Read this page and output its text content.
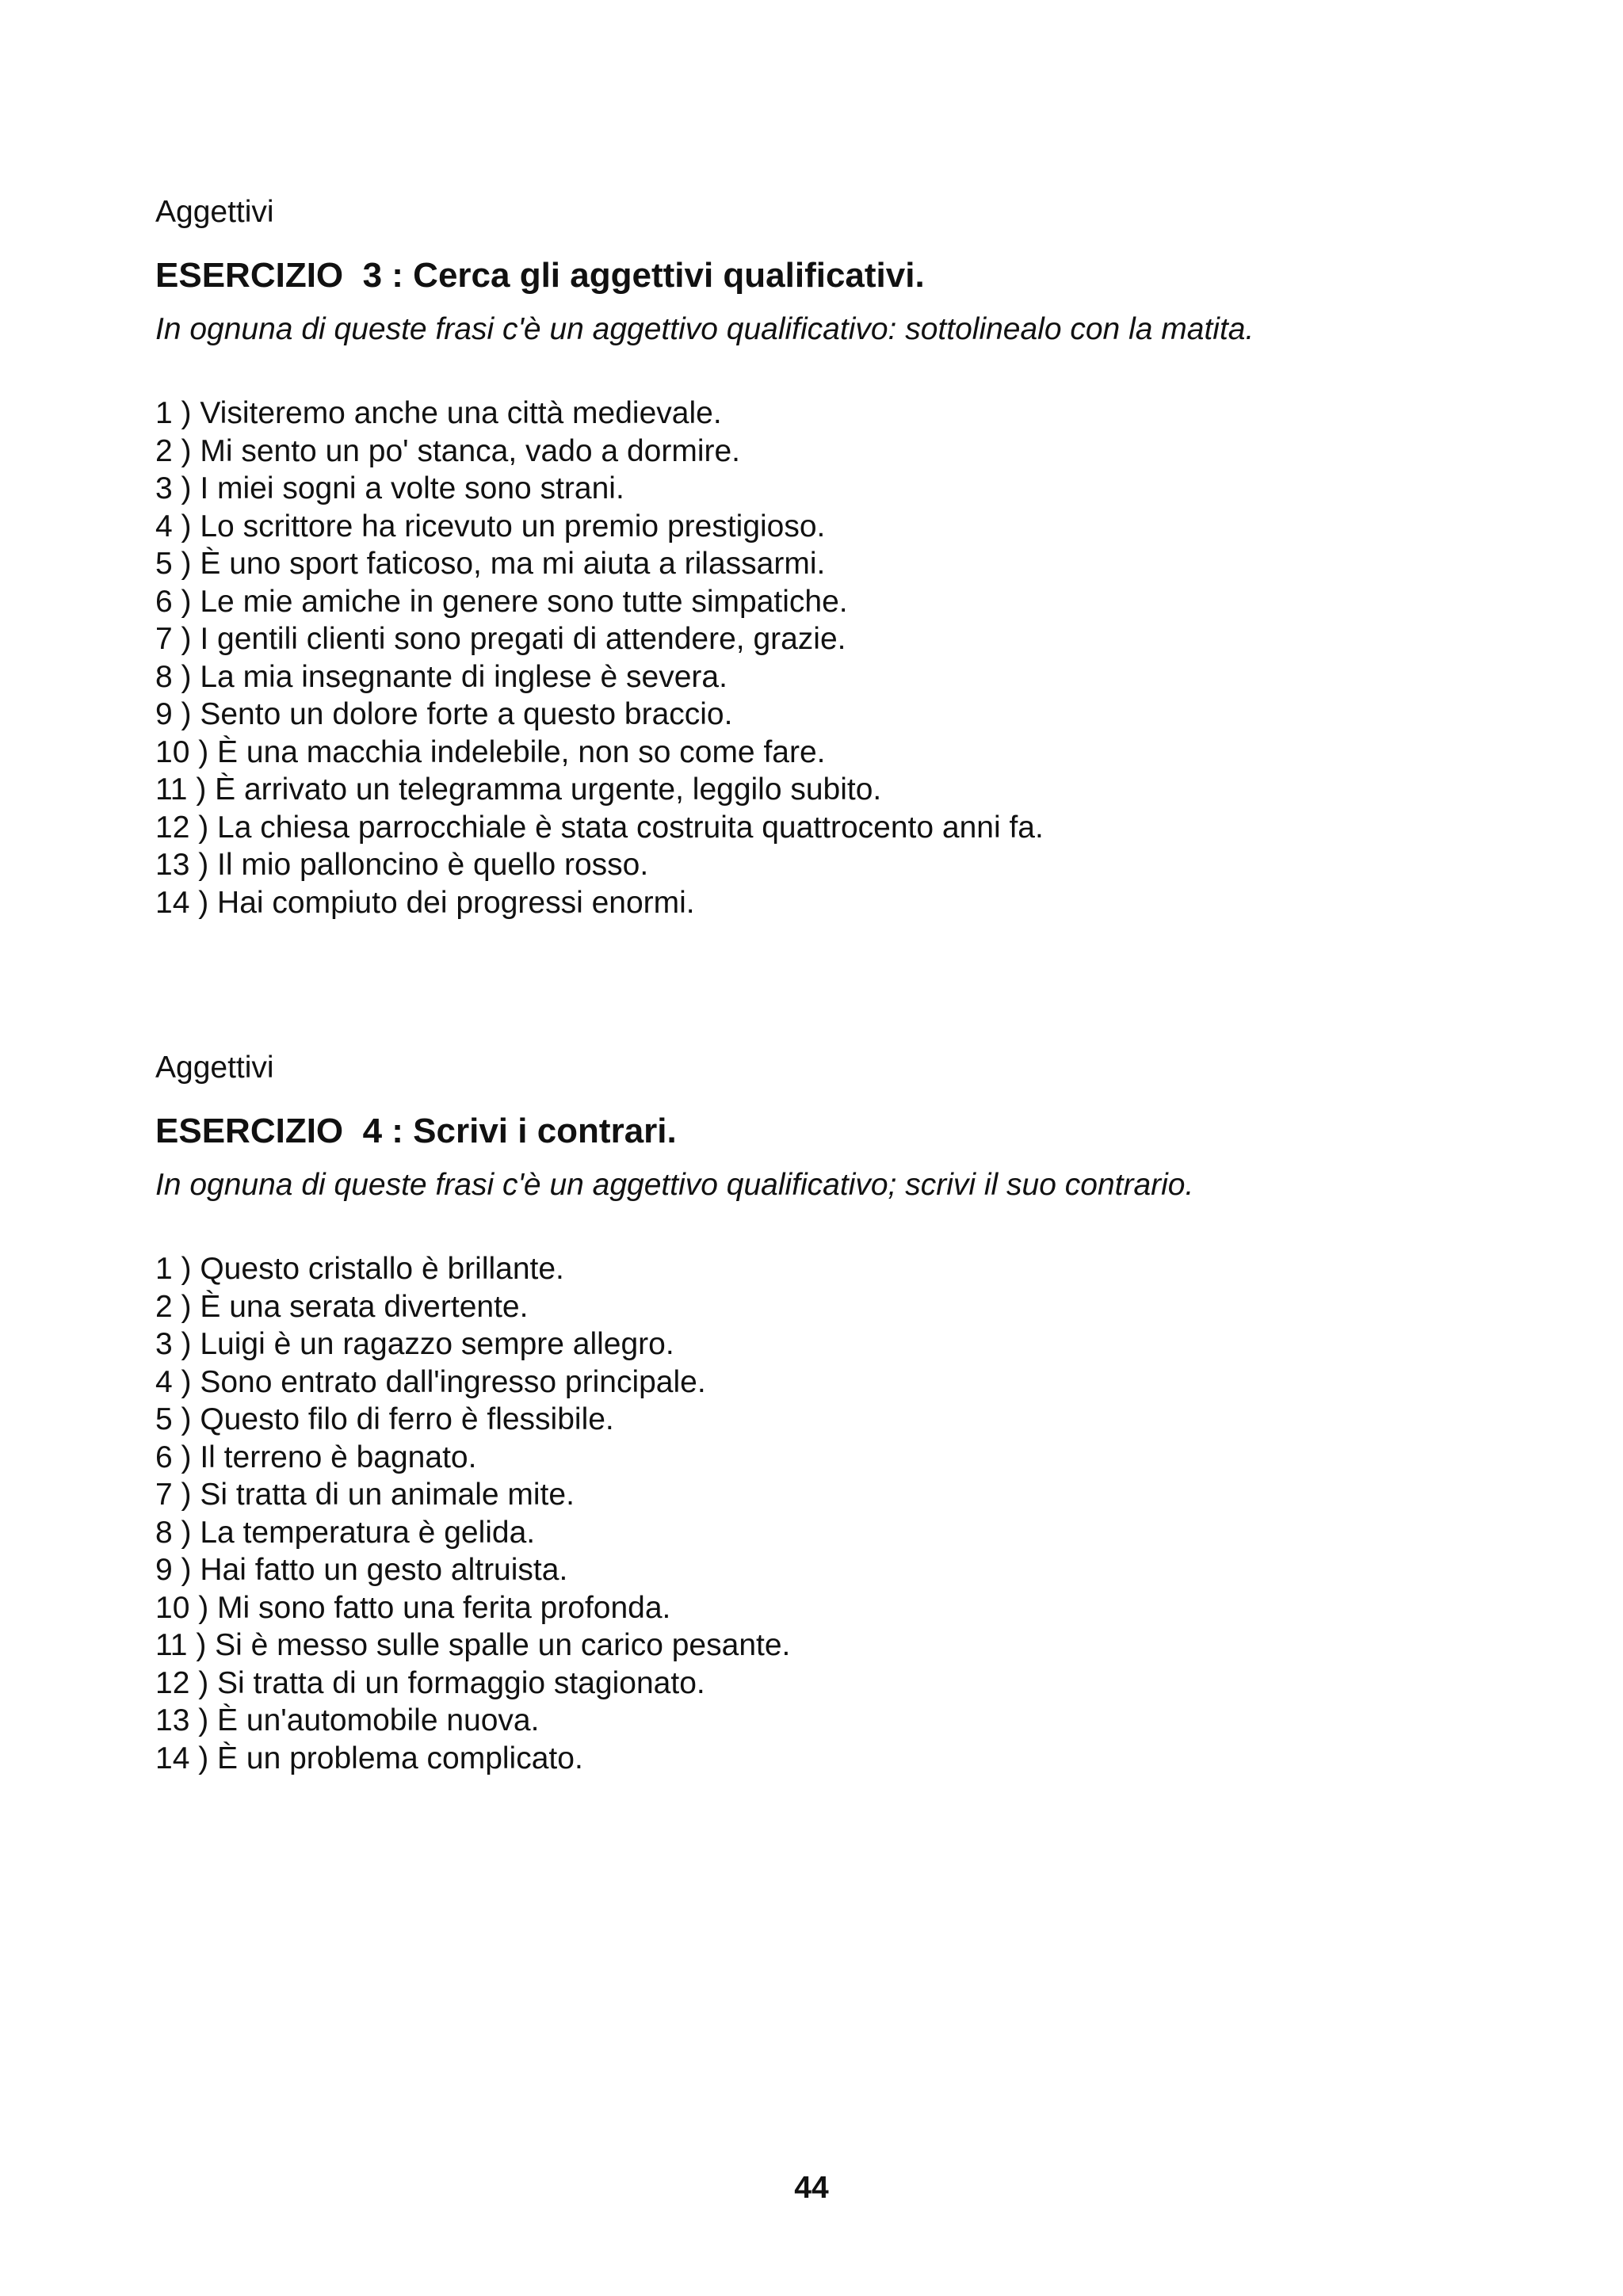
Aggettivi

ESERCIZIO  3 : Cerca gli aggettivi qualificativi.

In ognuna di queste frasi c'è un aggettivo qualificativo: sottolinealo con la matita.

1 ) Visiteremo anche una città medievale.
2 ) Mi sento un po' stanca, vado a dormire.
3 ) I miei sogni a volte sono strani.
4 ) Lo scrittore ha ricevuto un premio prestigioso.
5 ) È uno sport faticoso, ma mi aiuta a rilassarmi.
6 ) Le mie amiche in genere sono tutte simpatiche.
7 ) I gentili clienti sono pregati di attendere, grazie.
8 ) La mia insegnante di inglese è severa.
9 ) Sento un dolore forte a questo braccio.
10 ) È una macchia indelebile, non so come fare.
11 ) È arrivato un telegramma urgente, leggilo subito.
12 ) La chiesa parrocchiale è stata costruita quattrocento anni fa.
13 ) Il mio palloncino è quello rosso.
14 ) Hai compiuto dei progressi enormi.

Aggettivi

ESERCIZIO  4 : Scrivi i contrari.

In ognuna di queste frasi c'è un aggettivo qualificativo; scrivi il suo contrario.

1 ) Questo cristallo è brillante.
2 ) È una serata divertente.
3 ) Luigi è un ragazzo sempre allegro.
4 ) Sono entrato dall'ingresso principale.
5 ) Questo filo di ferro è flessibile.
6 ) Il terreno è bagnato.
7 ) Si tratta di un animale mite.
8 ) La temperatura è gelida.
9 ) Hai fatto un gesto altruista.
10 ) Mi sono fatto una ferita profonda.
11 ) Si è messo sulle spalle un carico pesante.
12 ) Si tratta di un formaggio stagionato.
13 ) È un'automobile nuova.
14 ) È un problema complicato.
44
